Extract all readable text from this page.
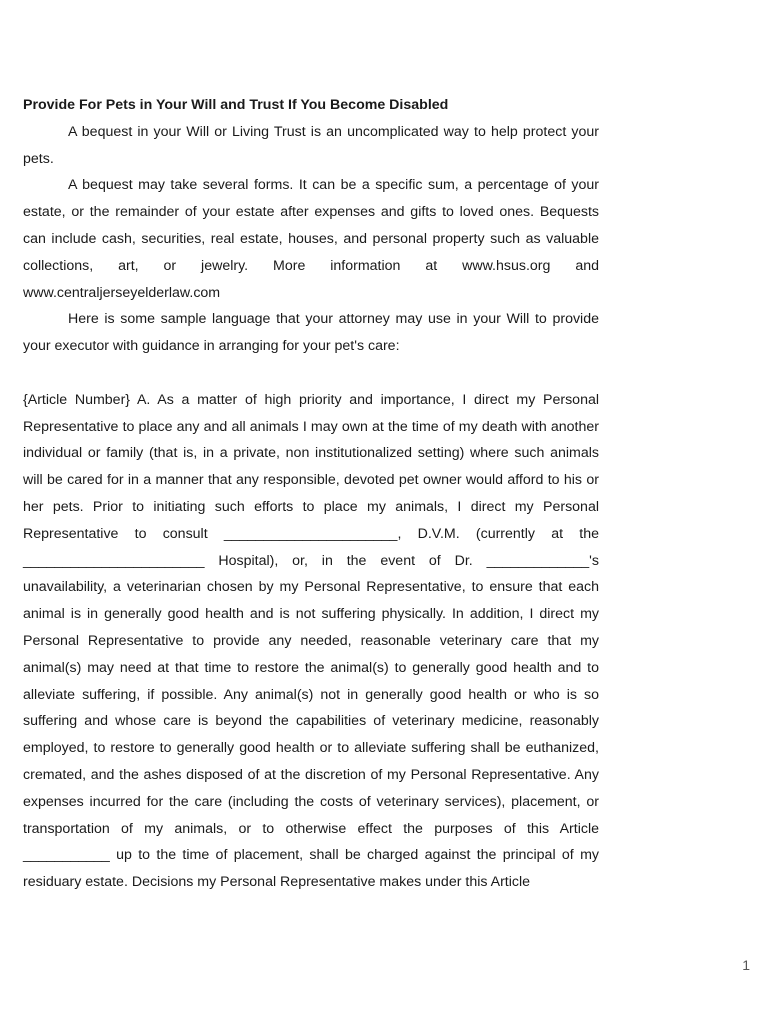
Provide For Pets in Your Will and Trust If You Become Disabled

A bequest in your Will or Living Trust is an uncomplicated way to help protect your pets.

A bequest may take several forms. It can be a specific sum, a percentage of your estate, or the remainder of your estate after expenses and gifts to loved ones. Bequests can include cash, securities, real estate, houses, and personal property such as valuable collections, art, or jewelry. More information at www.hsus.org and www.centraljerseyelderlaw.com

Here is some sample language that your attorney may use in your Will to provide your executor with guidance in arranging for your pet's care:

{Article Number} A. As a matter of high priority and importance, I direct my Personal Representative to place any and all animals I may own at the time of my death with another individual or family (that is, in a private, non institutionalized setting) where such animals will be cared for in a manner that any responsible, devoted pet owner would afford to his or her pets. Prior to initiating such efforts to place my animals, I direct my Personal Representative to consult ______________________, D.V.M. (currently at the _______________________ Hospital), or, in the event of Dr. _____________'s unavailability, a veterinarian chosen by my Personal Representative, to ensure that each animal is in generally good health and is not suffering physically. In addition, I direct my Personal Representative to provide any needed, reasonable veterinary care that my animal(s) may need at that time to restore the animal(s) to generally good health and to alleviate suffering, if possible. Any animal(s) not in generally good health or who is so suffering and whose care is beyond the capabilities of veterinary medicine, reasonably employed, to restore to generally good health or to alleviate suffering shall be euthanized, cremated, and the ashes disposed of at the discretion of my Personal Representative. Any expenses incurred for the care (including the costs of veterinary services), placement, or transportation of my animals, or to otherwise effect the purposes of this Article ___________ up to the time of placement, shall be charged against the principal of my residuary estate. Decisions my Personal Representative makes under this Article

1
